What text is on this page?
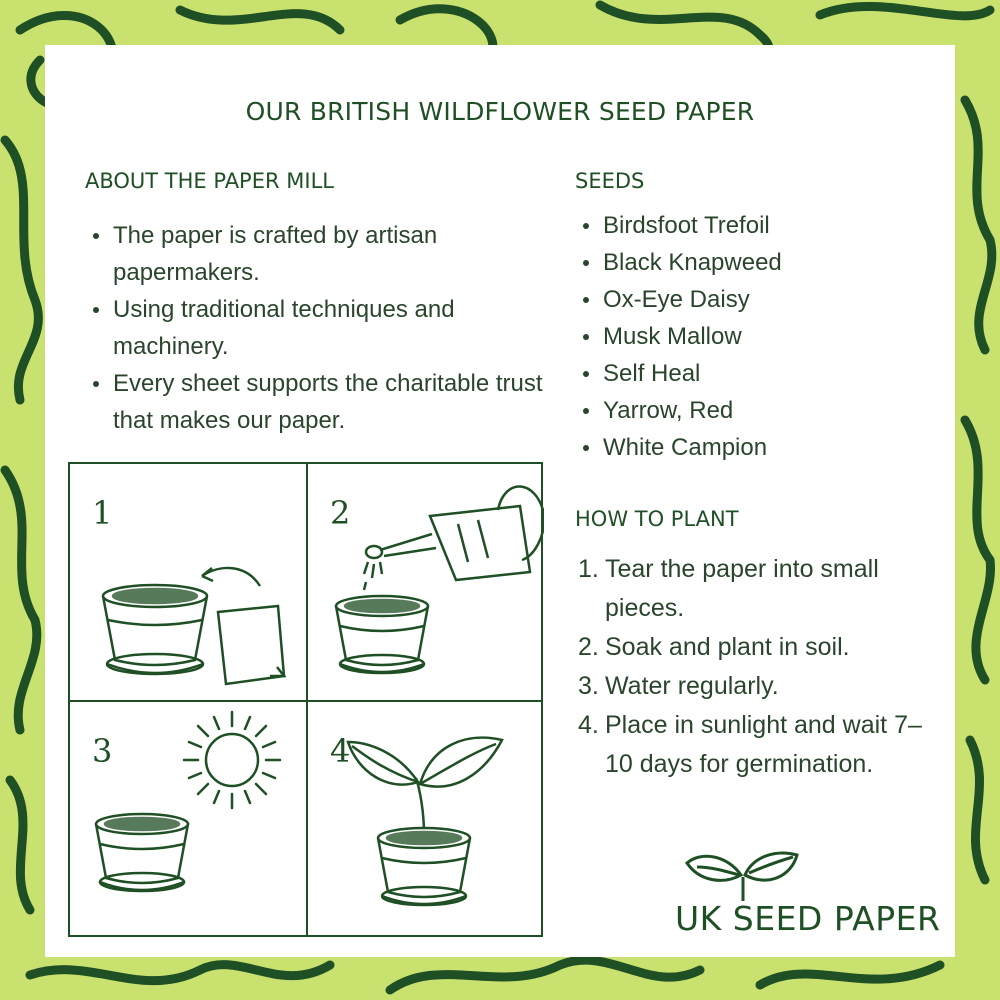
OUR BRITISH WILDFLOWER SEED PAPER
ABOUT THE PAPER MILL
The paper is crafted by artisan papermakers.
Using traditional techniques and machinery.
Every sheet supports the charitable trust that makes our paper.
SEEDS
Birdsfoot Trefoil
Black Knapweed
Ox-Eye Daisy
Musk Mallow
Self Heal
Yarrow, Red
White Campion
HOW TO PLANT
1. Tear the paper into small pieces.
2. Soak and plant in soil.
3. Water regularly.
4. Place in sunlight and wait 7–10 days for germination.
1	2
3	4
UK SEED PAPER
